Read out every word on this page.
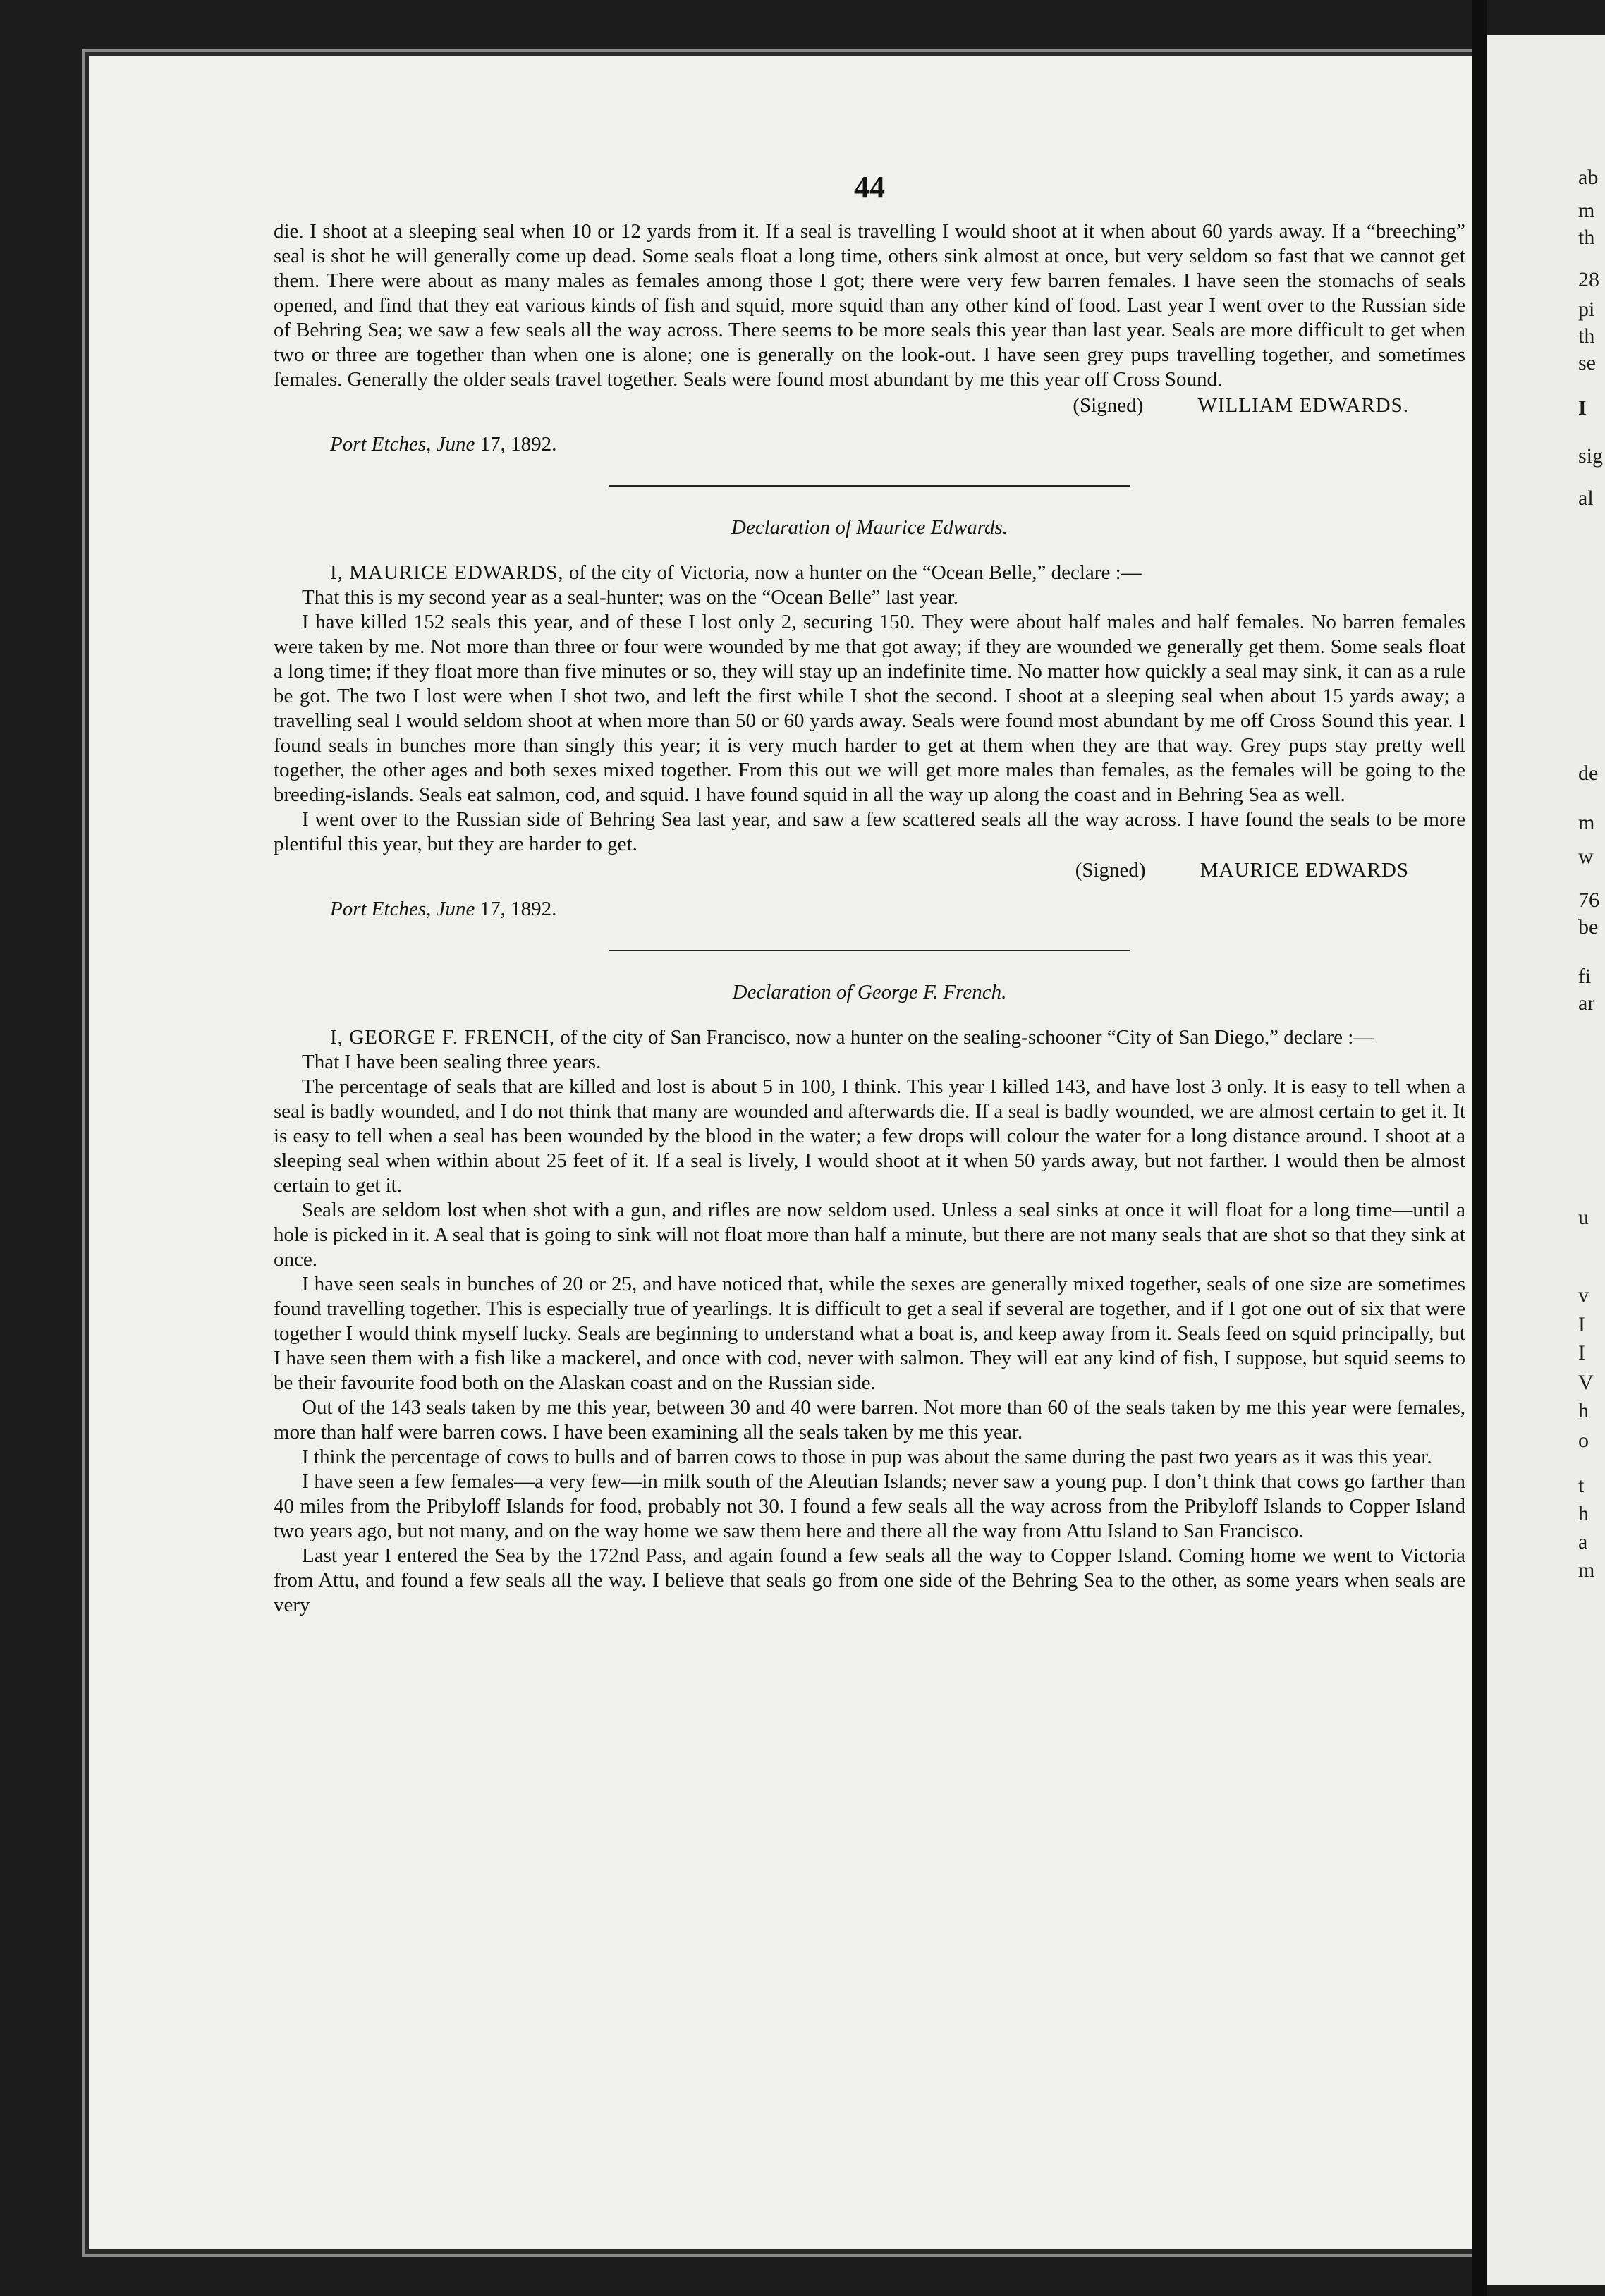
44

die. I shoot at a sleeping seal when 10 or 12 yards from it. If a seal is travelling I would shoot at it when about 60 yards away. If a “breeching” seal is shot he will generally come up dead. Some seals float a long time, others sink almost at once, but very seldom so fast that we cannot get them. There were about as many males as females among those I got; there were very few barren females. I have seen the stomachs of seals opened, and find that they eat various kinds of fish and squid, more squid than any other kind of food. Last year I went over to the Russian side of Behring Sea; we saw a few seals all the way across. There seems to be more seals this year than last year. Seals are more difficult to get when two or three are together than when one is alone; one is generally on the look-out. I have seen grey pups travelling together, and sometimes females. Generally the older seals travel together. Seals were found most abundant by me this year off Cross Sound.

(Signed)	WILLIAM EDWARDS.
Port Etches, June 17, 1892.
Declaration of Maurice Edwards.

I, MAURICE EDWARDS, of the city of Victoria, now a hunter on the “Ocean Belle,” declare :—

That this is my second year as a seal-hunter; was on the “Ocean Belle” last year.

I have killed 152 seals this year, and of these I lost only 2, securing 150. They were about half males and half females. No barren females were taken by me. Not more than three or four were wounded by me that got away; if they are wounded we generally get them. Some seals float a long time; if they float more than five minutes or so, they will stay up an indefinite time. No matter how quickly a seal may sink, it can as a rule be got. The two I lost were when I shot two, and left the first while I shot the second. I shoot at a sleeping seal when about 15 yards away; a travelling seal I would seldom shoot at when more than 50 or 60 yards away. Seals were found most abundant by me off Cross Sound this year. I found seals in bunches more than singly this year; it is very much harder to get at them when they are that way. Grey pups stay pretty well together, the other ages and both sexes mixed together. From this out we will get more males than females, as the females will be going to the breeding-islands. Seals eat salmon, cod, and squid. I have found squid in all the way up along the coast and in Behring Sea as well.

I went over to the Russian side of Behring Sea last year, and saw a few scattered seals all the way across. I have found the seals to be more plentiful this year, but they are harder to get.

(Signed)	MAURICE EDWARDS
Port Etches, June 17, 1892.
Declaration of George F. French.

I, GEORGE F. FRENCH, of the city of San Francisco, now a hunter on the sealing-schooner “City of San Diego,” declare :—

That I have been sealing three years.

The percentage of seals that are killed and lost is about 5 in 100, I think. This year I killed 143, and have lost 3 only. It is easy to tell when a seal is badly wounded, and I do not think that many are wounded and afterwards die. If a seal is badly wounded, we are almost certain to get it. It is easy to tell when a seal has been wounded by the blood in the water; a few drops will colour the water for a long distance around. I shoot at a sleeping seal when within about 25 feet of it. If a seal is lively, I would shoot at it when 50 yards away, but not farther. I would then be almost certain to get it.

Seals are seldom lost when shot with a gun, and rifles are now seldom used. Unless a seal sinks at once it will float for a long time—until a hole is picked in it. A seal that is going to sink will not float more than half a minute, but there are not many seals that are shot so that they sink at once.

I have seen seals in bunches of 20 or 25, and have noticed that, while the sexes are generally mixed together, seals of one size are sometimes found travelling together. This is especially true of yearlings. It is difficult to get a seal if several are together, and if I got one out of six that were together I would think myself lucky. Seals are beginning to understand what a boat is, and keep away from it. Seals feed on squid principally, but I have seen them with a fish like a mackerel, and once with cod, never with salmon. They will eat any kind of fish, I suppose, but squid seems to be their favourite food both on the Alaskan coast and on the Russian side.

Out of the 143 seals taken by me this year, between 30 and 40 were barren. Not more than 60 of the seals taken by me this year were females, more than half were barren cows. I have been examining all the seals taken by me this year.

I think the percentage of cows to bulls and of barren cows to those in pup was about the same during the past two years as it was this year.

I have seen a few females—a very few—in milk south of the Aleutian Islands; never saw a young pup. I don’t think that cows go farther than 40 miles from the Pribyloff Islands for food, probably not 30. I found a few seals all the way across from the Pribyloff Islands to Copper Island two years ago, but not many, and on the way home we saw them here and there all the way from Attu Island to San Francisco.

Last year I entered the Sea by the 172nd Pass, and again found a few seals all the way to Copper Island. Coming home we went to Victoria from Attu, and found a few seals all the way. I believe that seals go from one side of the Behring Sea to the other, as some years when seals are very

ab
m
th
28
pi
th
se
I
sig
al
de
m
w
76
be
fi
ar
u
v
I
I
V
h
o
t
h
a
m
